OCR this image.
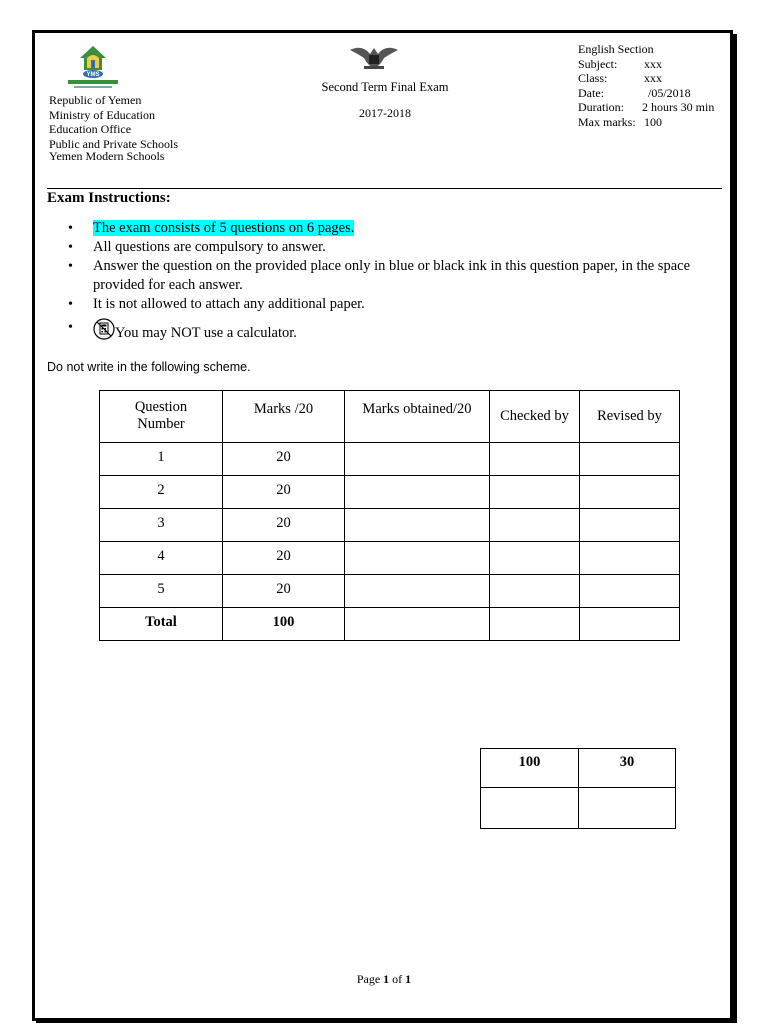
YMS
Republic of Yemen
Ministry of Education
Education Office
Public and Private Schools
Yemen Modern Schools
Second Term Final Exam
2017-2018
English Section
Subject:	xxx
Class:	xxx
Date:	/05/2018
Duration:	2 hours 30 min
Max marks: 100
Exam Instructions:
• The exam consists of 5 questions on 6 pages.
• All questions are compulsory to answer.
• Answer the question on the provided place only in blue or black ink in this question paper, in the space provided for each answer.
• It is not allowed to attach any additional paper.
• You may NOT use a calculator.
Do not write in the following scheme.
Question Number	Marks /20	Marks obtained/20	Checked by	Revised by
1	20			
2	20			
3	20			
4	20			
5	20			
Total	100			
100	30

Page 1 of 1
